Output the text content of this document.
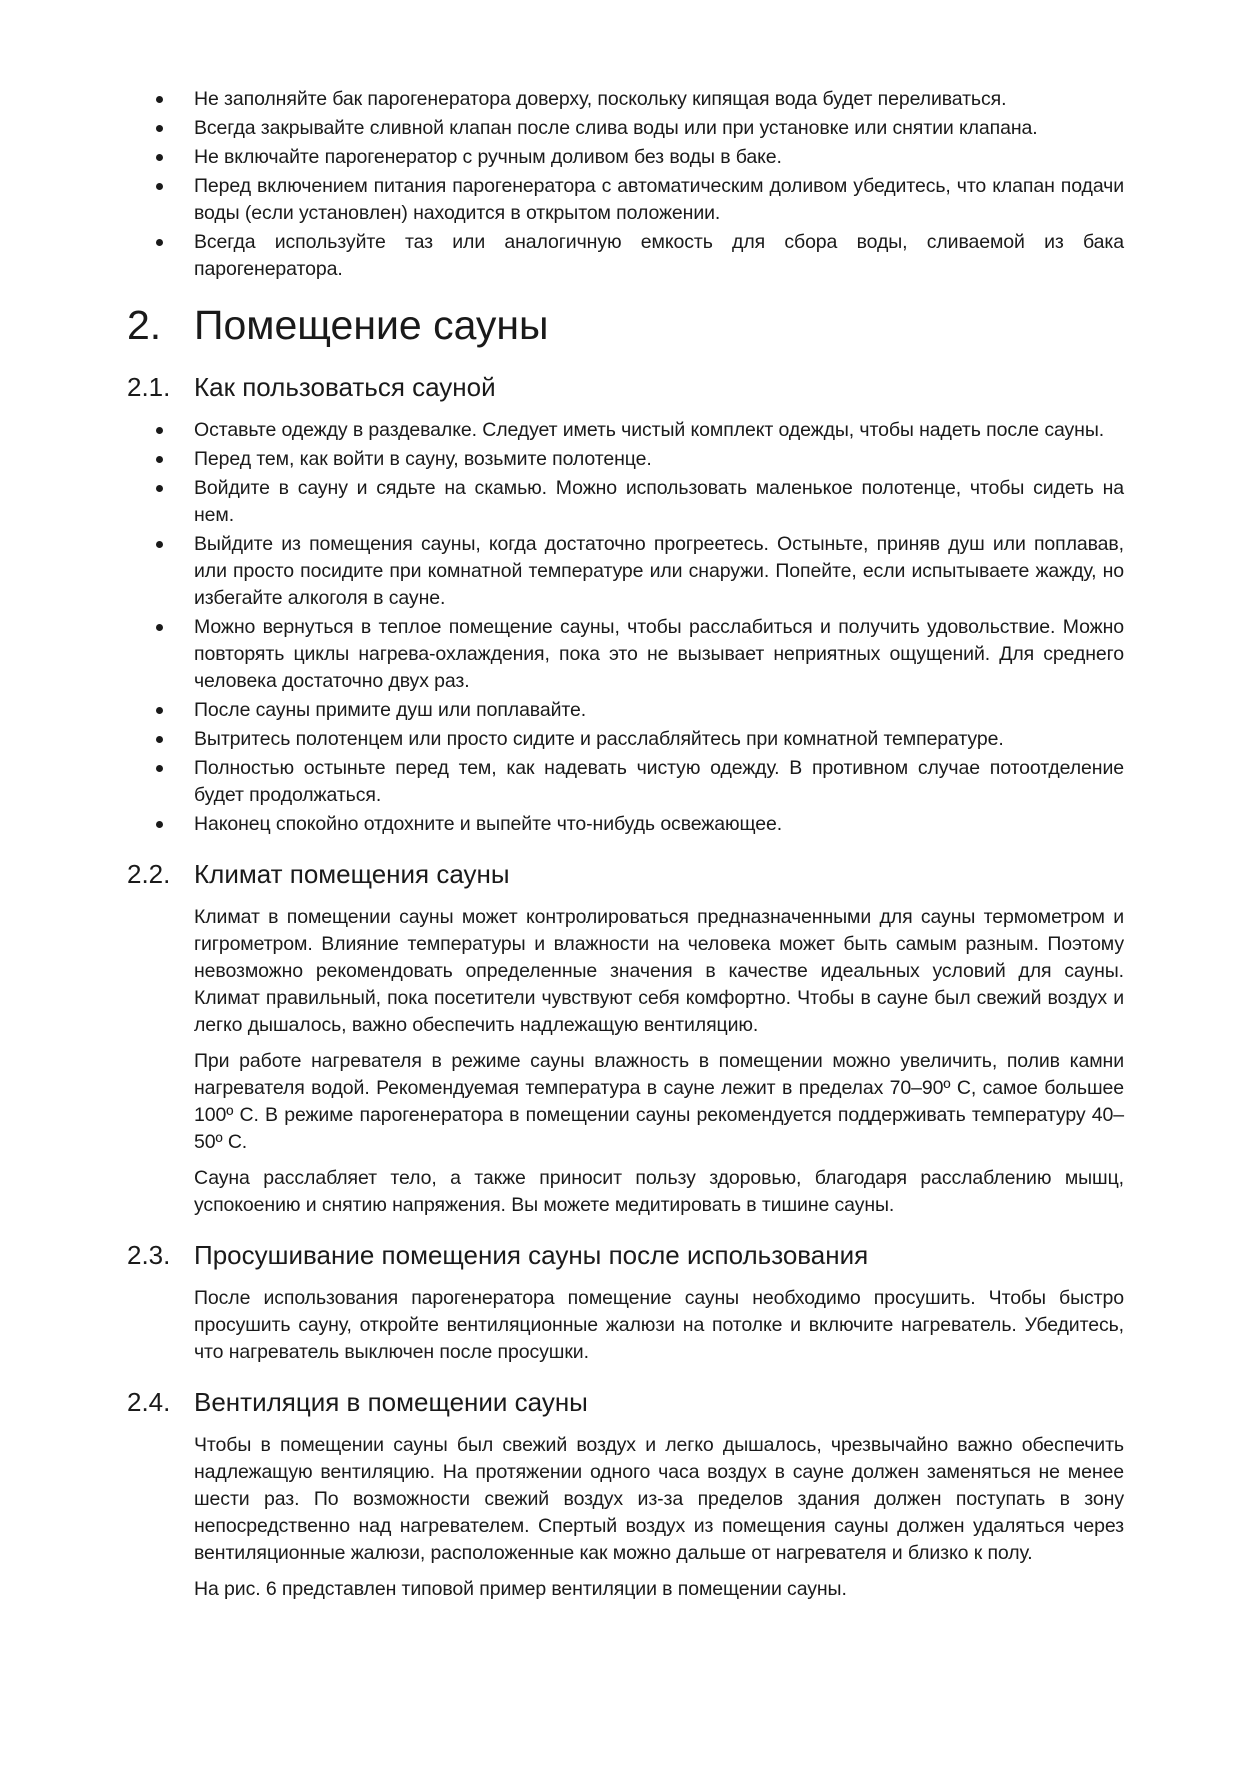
Не заполняйте бак парогенератора доверху, поскольку кипящая вода будет переливаться.
Всегда закрывайте сливной клапан после слива воды или при установке или снятии клапана.
Не включайте парогенератор с ручным доливом без воды в баке.
Перед включением питания парогенератора с автоматическим доливом убедитесь, что клапан подачи воды (если установлен) находится в открытом положении.
Всегда используйте таз или аналогичную емкость для сбора воды, сливаемой из бака парогенератора.
2. Помещение сауны
2.1. Как пользоваться сауной
Оставьте одежду в раздевалке. Следует иметь чистый комплект одежды, чтобы надеть после сауны.
Перед тем, как войти в сауну, возьмите полотенце.
Войдите в сауну и сядьте на скамью. Можно использовать маленькое полотенце, чтобы сидеть на нем.
Выйдите из помещения сауны, когда достаточно прогреетесь. Остыньте, приняв душ или поплавав, или просто посидите при комнатной температуре или снаружи. Попейте, если испытываете жажду, но избегайте алкоголя в сауне.
Можно вернуться в теплое помещение сауны, чтобы расслабиться и получить удовольствие. Можно повторять циклы нагрева-охлаждения, пока это не вызывает неприятных ощущений. Для среднего человека достаточно двух раз.
После сауны примите душ или поплавайте.
Вытритесь полотенцем или просто сидите и расслабляйтесь при комнатной температуре.
Полностью остыньте перед тем, как надевать чистую одежду. В противном случае потоотделение будет продолжаться.
Наконец спокойно отдохните и выпейте что-нибудь освежающее.
2.2. Климат помещения сауны

Климат в помещении сауны может контролироваться предназначенными для сауны термометром и гигрометром. Влияние температуры и влажности на человека может быть самым разным. Поэтому невозможно рекомендовать определенные значения в качестве идеальных условий для сауны. Климат правильный, пока посетители чувствуют себя комфортно. Чтобы в сауне был свежий воздух и легко дышалось, важно обеспечить надлежащую вентиляцию.

При работе нагревателя в режиме сауны влажность в помещении можно увеличить, полив камни нагревателя водой. Рекомендуемая температура в сауне лежит в пределах 70–90º С, самое большее 100º С. В режиме парогенератора в помещении сауны рекомендуется поддерживать температуру 40–50º С.

Сауна расслабляет тело, а также приносит пользу здоровью, благодаря расслаблению мышц, успокоению и снятию напряжения. Вы можете медитировать в тишине сауны.

2.3. Просушивание помещения сауны после использования

После использования парогенератора помещение сауны необходимо просушить. Чтобы быстро просушить сауну, откройте вентиляционные жалюзи на потолке и включите нагреватель. Убедитесь, что нагреватель выключен после просушки.

2.4. Вентиляция в помещении сауны

Чтобы в помещении сауны был свежий воздух и легко дышалось, чрезвычайно важно обеспечить надлежащую вентиляцию. На протяжении одного часа воздух в сауне должен заменяться не менее шести раз. По возможности свежий воздух из-за пределов здания должен поступать в зону непосредственно над нагревателем. Спертый воздух из помещения сауны должен удаляться через вентиляционные жалюзи, расположенные как можно дальше от нагревателя и близко к полу.

На рис. 6 представлен типовой пример вентиляции в помещении сауны.
